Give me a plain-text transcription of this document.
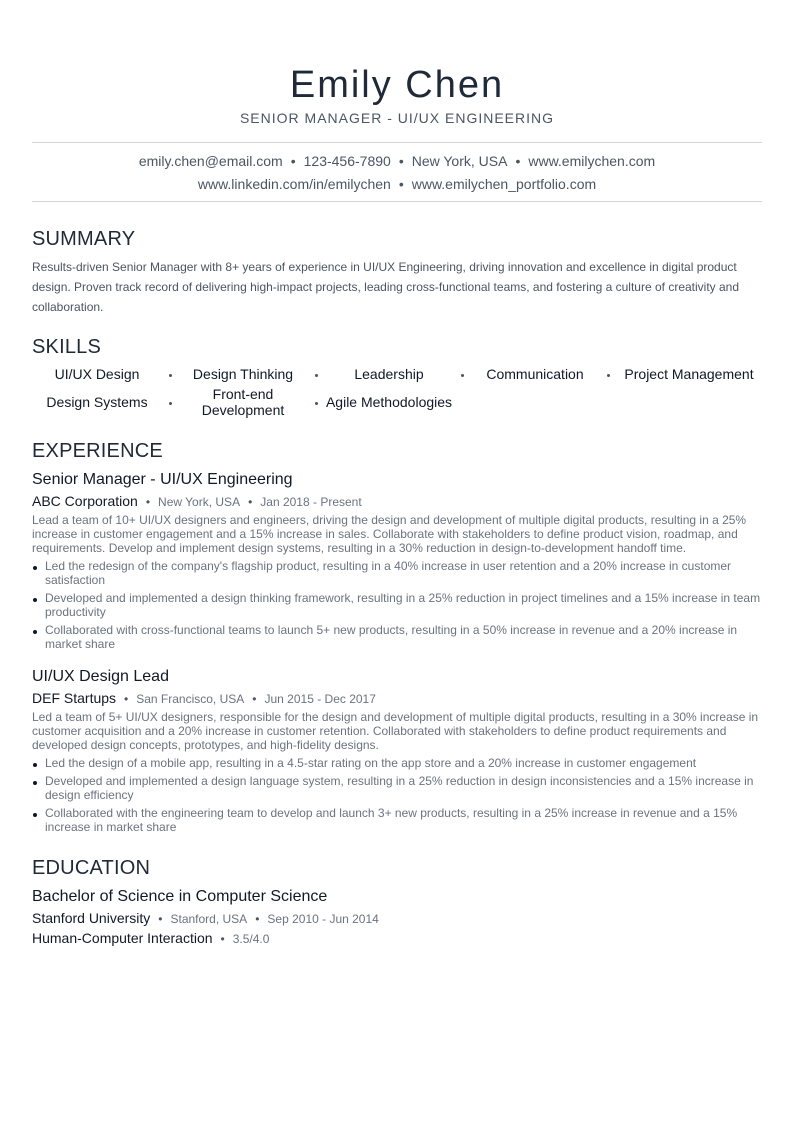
Emily Chen
SENIOR MANAGER - UI/UX ENGINEERING
emily.chen@email.com • 123-456-7890 • New York, USA • www.emilychen.com
www.linkedin.com/in/emilychen • www.emilychen_portfolio.com
SUMMARY
Results-driven Senior Manager with 8+ years of experience in UI/UX Engineering, driving innovation and excellence in digital product design. Proven track record of delivering high-impact projects, leading cross-functional teams, and fostering a culture of creativity and collaboration.
SKILLS
UI/UX Design	Design Thinking	Leadership	Communication	Project Management
Design Systems	Front-end Development	Agile Methodologies
EXPERIENCE
Senior Manager - UI/UX Engineering
ABC Corporation • New York, USA • Jan 2018 - Present
Lead a team of 10+ UI/UX designers and engineers, driving the design and development of multiple digital products, resulting in a 25% increase in customer engagement and a 15% increase in sales. Collaborate with stakeholders to define product vision, roadmap, and requirements. Develop and implement design systems, resulting in a 30% reduction in design-to-development handoff time.
Led the redesign of the company's flagship product, resulting in a 40% increase in user retention and a 20% increase in customer satisfaction
Developed and implemented a design thinking framework, resulting in a 25% reduction in project timelines and a 15% increase in team productivity
Collaborated with cross-functional teams to launch 5+ new products, resulting in a 50% increase in revenue and a 20% increase in market share
UI/UX Design Lead
DEF Startups • San Francisco, USA • Jun 2015 - Dec 2017
Led a team of 5+ UI/UX designers, responsible for the design and development of multiple digital products, resulting in a 30% increase in customer acquisition and a 20% increase in customer retention. Collaborated with stakeholders to define product requirements and developed design concepts, prototypes, and high-fidelity designs.
Led the design of a mobile app, resulting in a 4.5-star rating on the app store and a 20% increase in customer engagement
Developed and implemented a design language system, resulting in a 25% reduction in design inconsistencies and a 15% increase in design efficiency
Collaborated with the engineering team to develop and launch 3+ new products, resulting in a 25% increase in revenue and a 15% increase in market share
EDUCATION
Bachelor of Science in Computer Science
Stanford University • Stanford, USA • Sep 2010 - Jun 2014
Human-Computer Interaction • 3.5/4.0
